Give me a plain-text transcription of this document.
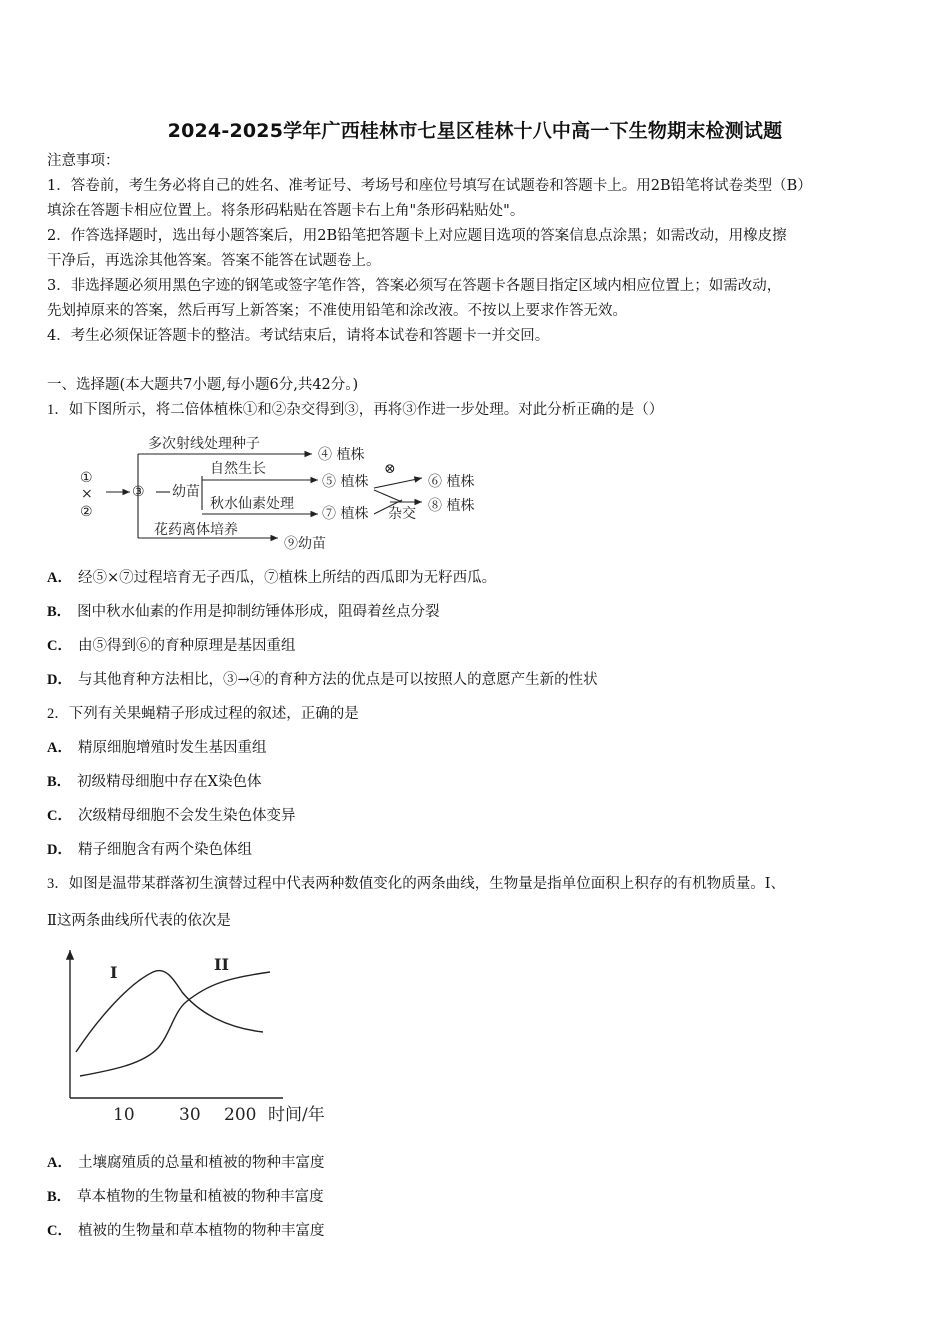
2024-2025学年广西桂林市七星区桂林十八中高一下生物期末检测试题
注意事项：
1．答卷前，考生务必将自己的姓名、准考证号、考场号和座位号填写在试题卷和答题卡上。用2B铅笔将试卷类型（B）
填涂在答题卡相应位置上。将条形码粘贴在答题卡右上角"条形码粘贴处"。
2．作答选择题时，选出每小题答案后，用2B铅笔把答题卡上对应题目选项的答案信息点涂黑；如需改动，用橡皮擦
干净后，再选涂其他答案。答案不能答在试题卷上。
3．非选择题必须用黑色字迹的钢笔或签字笔作答，答案必须写在答题卡各题目指定区域内相应位置上；如需改动，
先划掉原来的答案，然后再写上新答案；不准使用铅笔和涂改液。不按以上要求作答无效。
4．考生必须保证答题卡的整洁。考试结束后，请将本试卷和答题卡一并交回。
一、选择题(本大题共7小题,每小题6分,共42分。)
1．如下图所示，将二倍体植株①和②杂交得到③，再将③作进一步处理。对此分析正确的是（）
①
×
②
③ 幼苗
多次射线处理种子
自然生长
秋水仙素处理
花药离体培养
④ 植株
⑤ 植株
⑦ 植株
⑨幼苗
⊗
杂交
⑥ 植株
⑧ 植株
A． 经⑤×⑦过程培育无子西瓜，⑦植株上所结的西瓜即为无籽西瓜。
B． 图中秋水仙素的作用是抑制纺锤体形成，阻碍着丝点分裂
C． 由⑤得到⑥的育种原理是基因重组
D． 与其他育种方法相比，③→④的育种方法的优点是可以按照人的意愿产生新的性状
2．下列有关果蝇精子形成过程的叙述，正确的是
A． 精原细胞增殖时发生基因重组
B． 初级精母细胞中存在X染色体
C． 次级精母细胞不会发生染色体变异
D． 精子细胞含有两个染色体组
3．如图是温带某群落初生演替过程中代表两种数值变化的两条曲线，生物量是指单位面积上积存的有机物质量。Ⅰ、
Ⅱ这两条曲线所代表的依次是
I	II
10	30 200 时间/年
A． 土壤腐殖质的总量和植被的物种丰富度
B． 草本植物的生物量和植被的物种丰富度
C． 植被的生物量和草本植物的物种丰富度
